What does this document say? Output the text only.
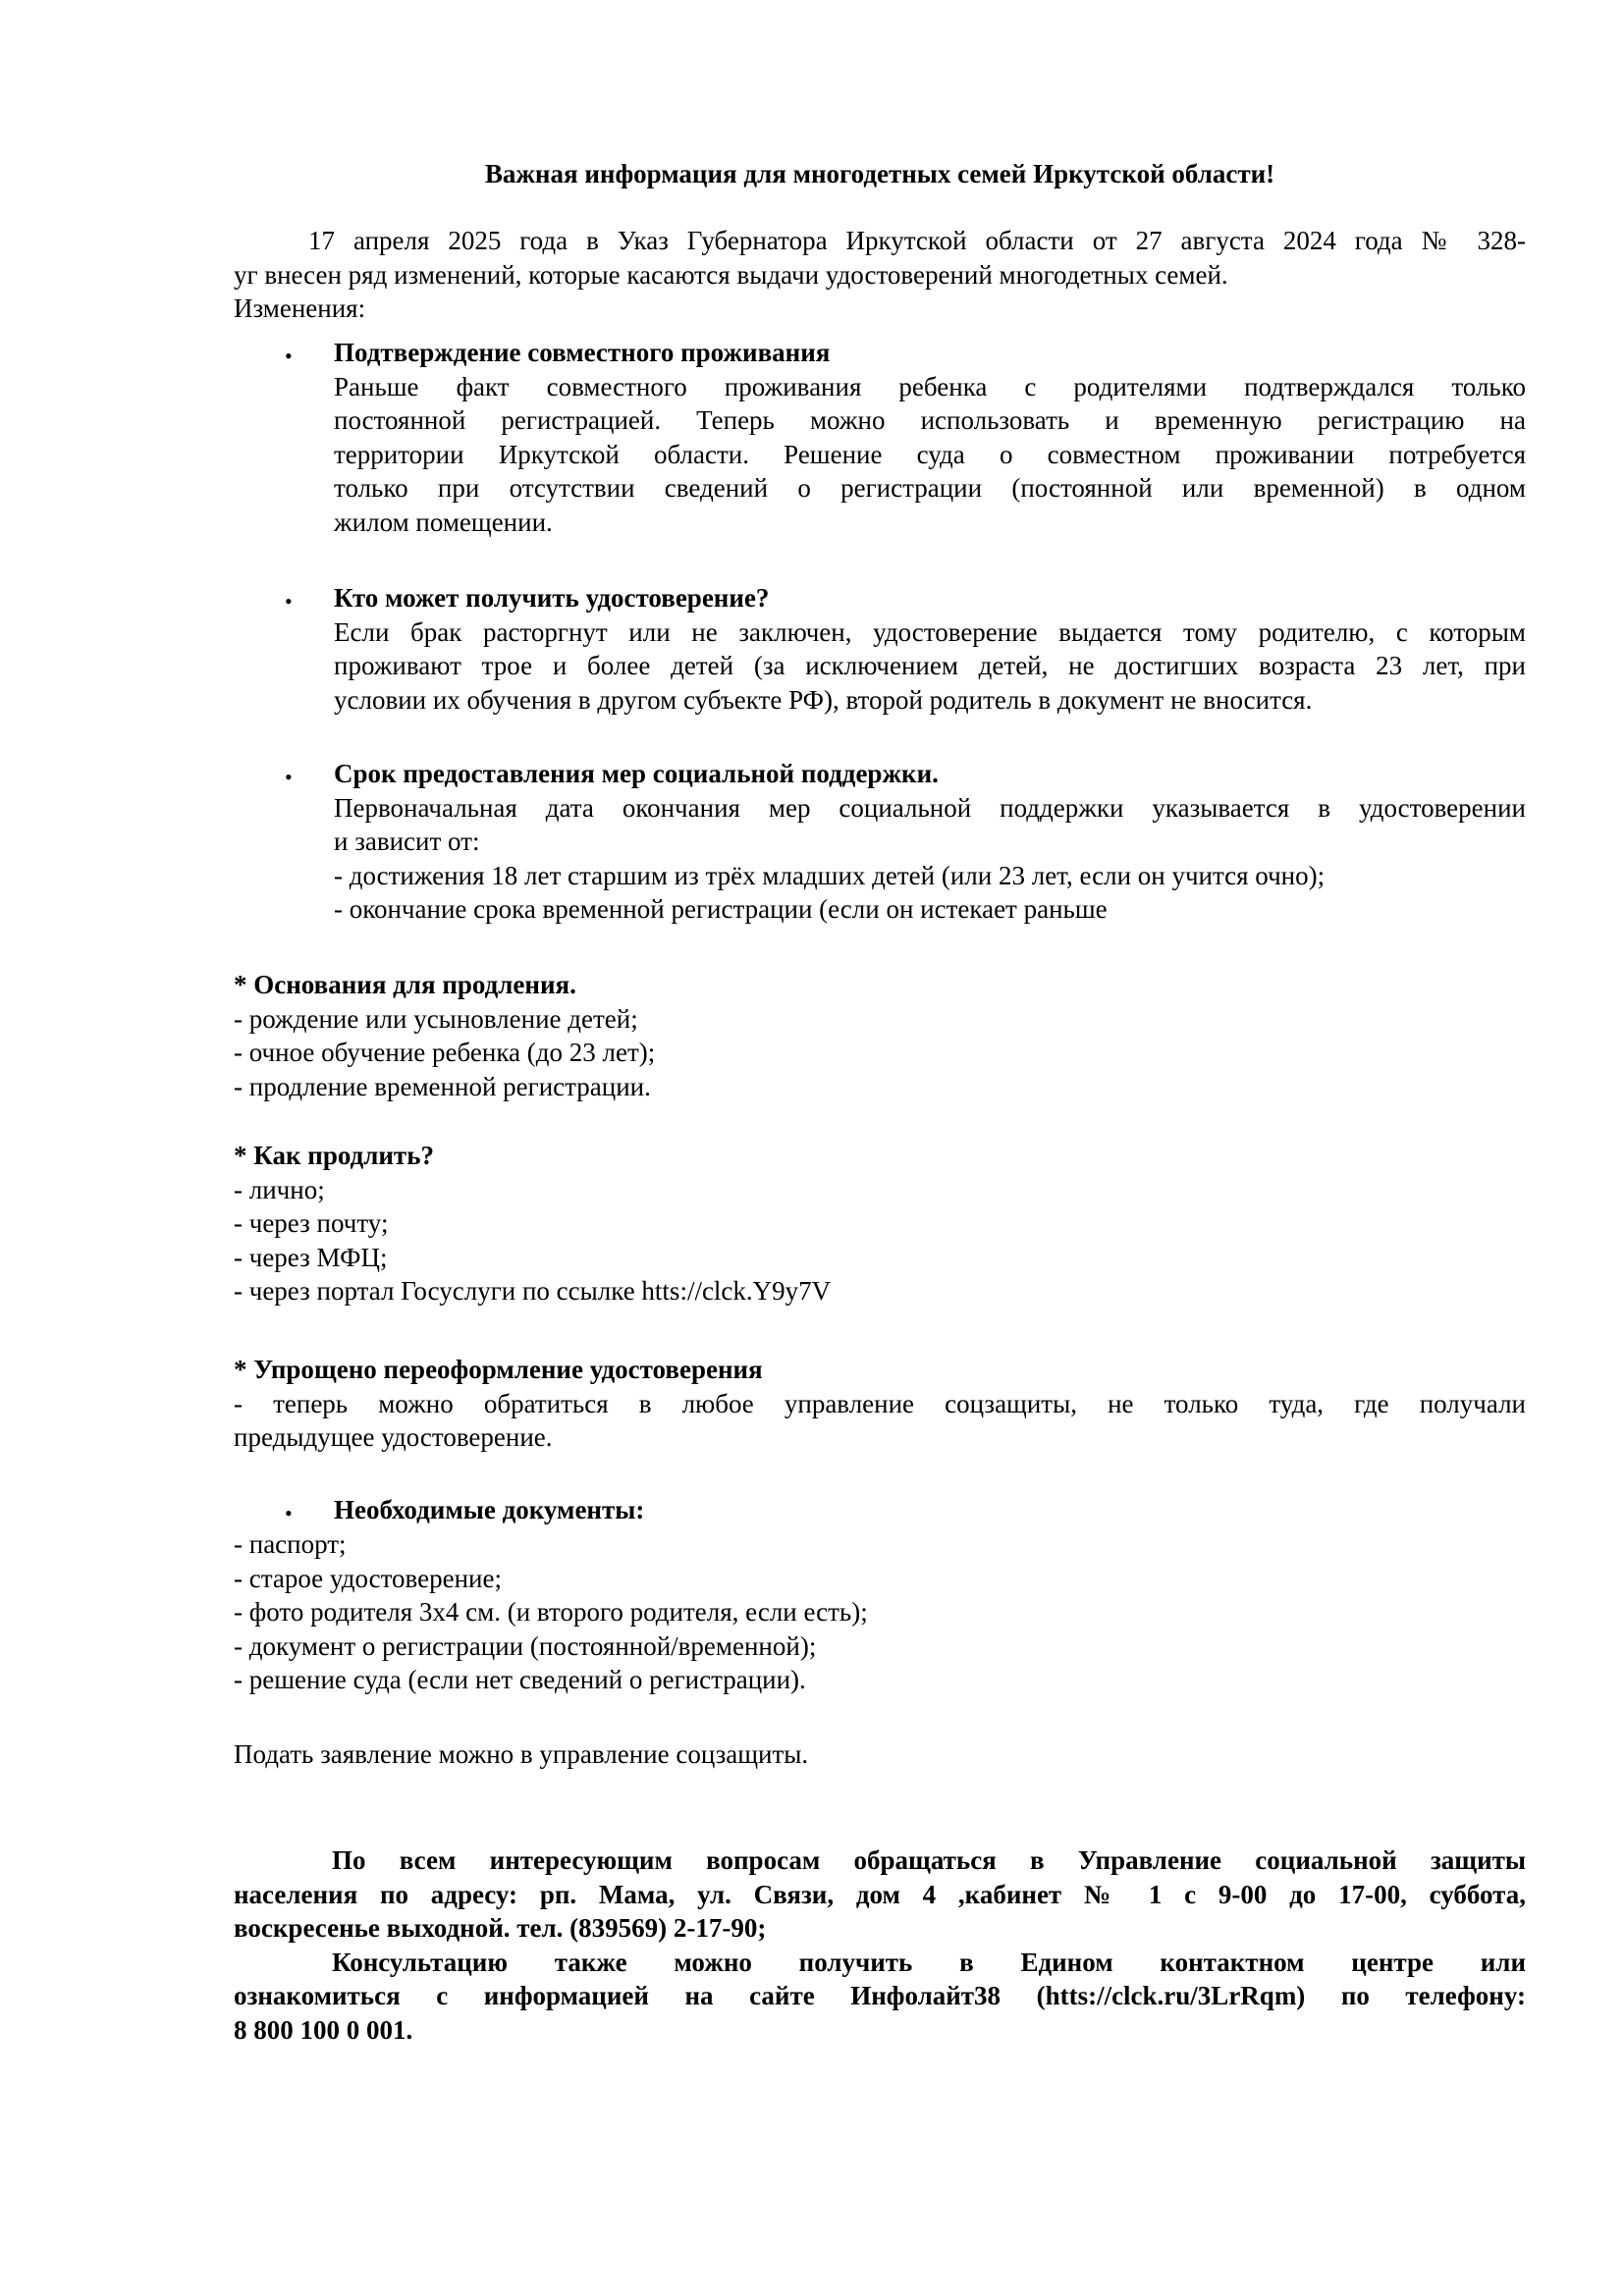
Важная информация для многодетных семей Иркутской области!

17 апреля 2025 года в Указ Губернатора Иркутской области от 27 августа 2024 года № 328-

уг внесен ряд изменений, которые касаются выдачи удостоверений многодетных семей.

Изменения:

• Подтверждение совместного проживания

Раньше факт совместного проживания ребенка с родителями подтверждался только

постоянной регистрацией. Теперь можно использовать и временную регистрацию на

территории Иркутской области. Решение суда о совместном проживании потребуется

только при отсутствии сведений о регистрации (постоянной или временной) в одном

жилом помещении.

• Кто может получить удостоверение?

Если брак расторгнут или не заключен, удостоверение выдается тому родителю, с которым

проживают трое и более детей (за исключением детей, не достигших возраста 23 лет, при

условии их обучения в другом субъекте РФ), второй родитель в документ не вносится.

• Срок предоставления мер социальной поддержки.

Первоначальная дата окончания мер социальной поддержки указывается в удостоверении

и зависит от:

- достижения 18 лет старшим из трёх младших детей (или 23 лет, если он учится очно);

- окончание срока временной регистрации (если он истекает раньше

* Основания для продления.

- рождение или усыновление детей;

- очное обучение ребенка (до 23 лет);

- продление временной регистрации.

* Как продлить?

- лично;

- через почту;

- через МФЦ;

- через портал Госуслуги по ссылке htts://clck.Y9y7V

* Упрощено переоформление удостоверения

- теперь можно обратиться в любое управление соцзащиты, не только туда, где получали

предыдущее удостоверение.

• Необходимые документы:

- паспорт;

- старое удостоверение;

- фото родителя 3х4 см. (и второго родителя, если есть);

- документ о регистрации (постоянной/временной);

- решение суда (если нет сведений о регистрации).

Подать заявление можно в управление соцзащиты.

По всем интересующим вопросам обращаться в Управление социальной защиты

населения по адресу: рп. Мама, ул. Связи, дом 4 ,кабинет № 1 с 9-00 до 17-00, суббота,

воскресенье выходной. тел. (839569) 2-17-90;

Консультацию также можно получить в Едином контактном центре или

ознакомиться с информацией на сайте Инфолайт38 (htts://clck.ru/3LrRqm) по телефону:

8 800 100 0 001.
